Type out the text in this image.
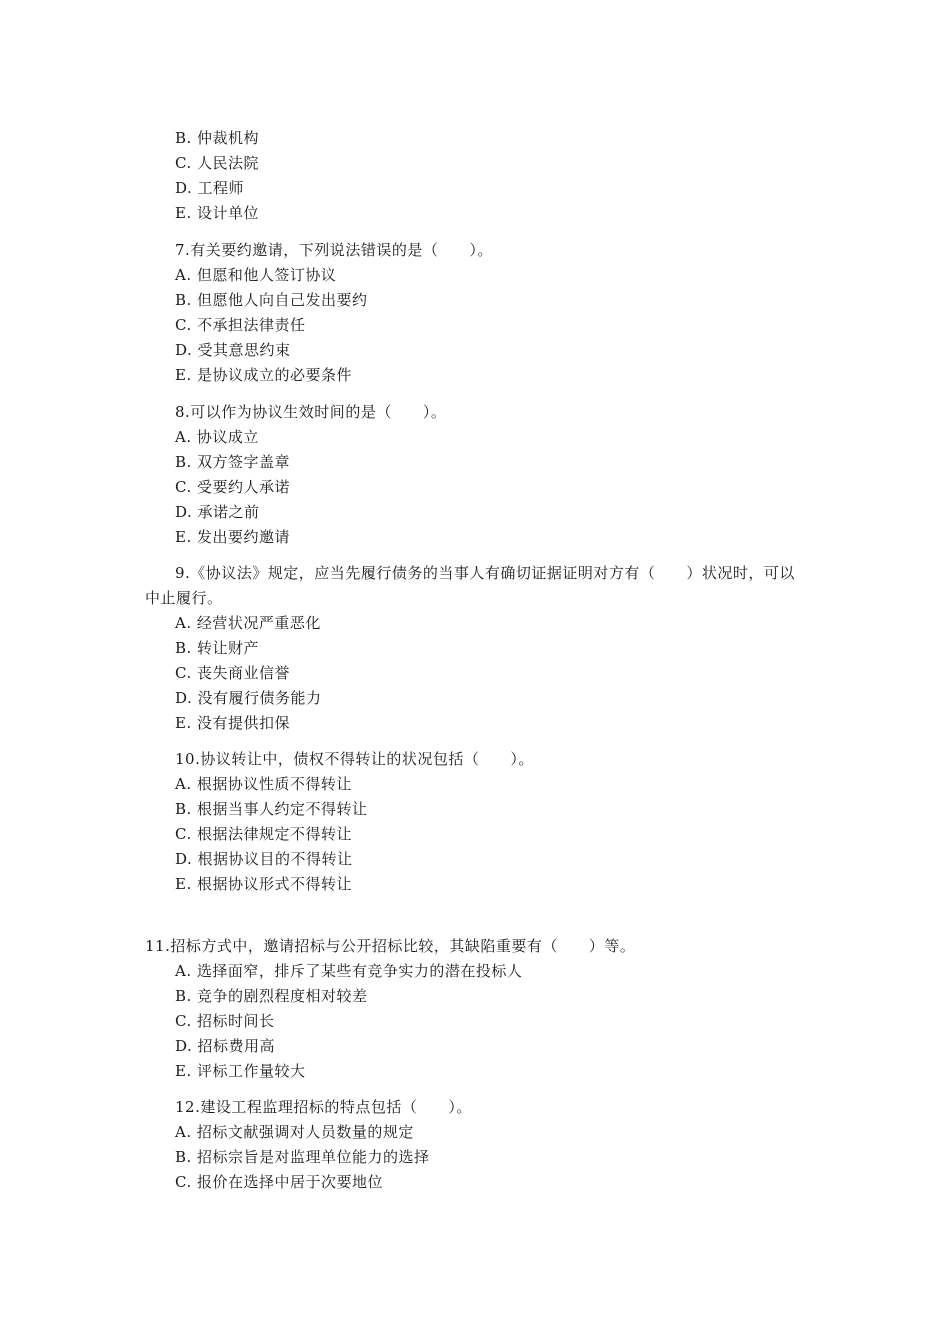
B. 仲裁机构
C. 人民法院
D. 工程师
E. 设计单位
7.有关要约邀请，下列说法错误的是（　　）。
A. 但愿和他人签订协议
B. 但愿他人向自己发出要约
C. 不承担法律责任
D. 受其意思约束
E. 是协议成立的必要条件
8.可以作为协议生效时间的是（　　）。
A. 协议成立
B. 双方签字盖章
C. 受要约人承诺
D. 承诺之前
E. 发出要约邀请
9.《协议法》规定，应当先履行债务的当事人有确切证据证明对方有（　　）状况时，可以
中止履行。
A. 经营状况严重恶化
B. 转让财产
C. 丧失商业信誉
D. 没有履行债务能力
E. 没有提供扣保
10.协议转让中，债权不得转让的状况包括（　　）。
A. 根据协议性质不得转让
B. 根据当事人约定不得转让
C. 根据法律规定不得转让
D. 根据协议目的不得转让
E. 根据协议形式不得转让
11.招标方式中，邀请招标与公开招标比较，其缺陷重要有（　　）等。
A. 选择面窄，排斥了某些有竞争实力的潜在投标人
B. 竞争的剧烈程度相对较差
C. 招标时间长
D. 招标费用高
E. 评标工作量较大
12.建设工程监理招标的特点包括（　　）。
A. 招标文献强调对人员数量的规定
B. 招标宗旨是对监理单位能力的选择
C. 报价在选择中居于次要地位
